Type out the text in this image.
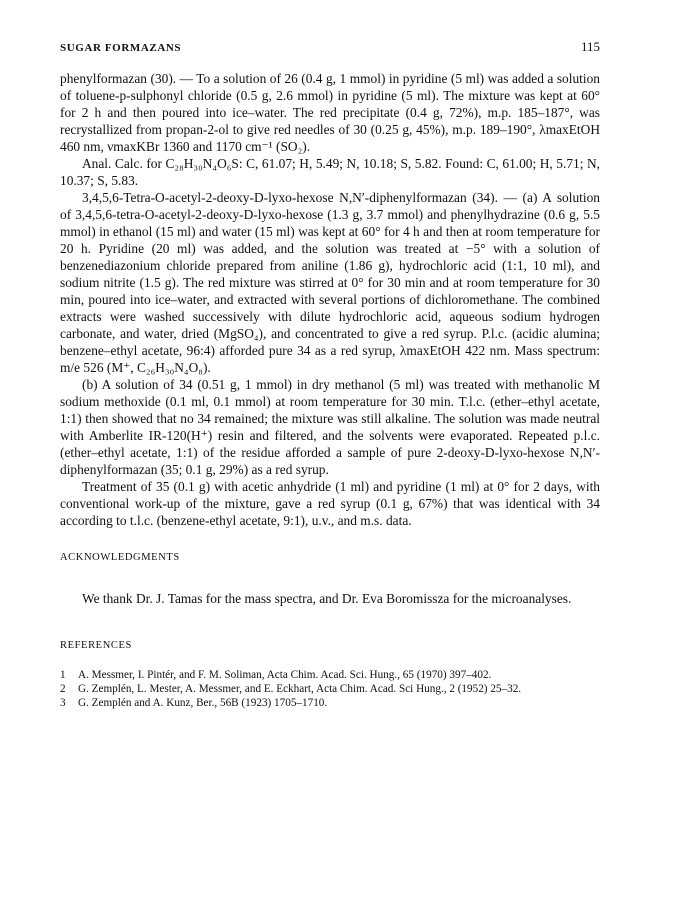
SUGAR FORMAZANS	115

phenylformazan (30). — To a solution of 26 (0.4 g, 1 mmol) in pyridine (5 ml) was added a solution of toluene-p-sulphonyl chloride (0.5 g, 2.6 mmol) in pyridine (5 ml). The mixture was kept at 60° for 2 h and then poured into ice–water. The red precipitate (0.4 g, 72%), m.p. 185–187°, was recrystallized from propan-2-ol to give red needles of 30 (0.25 g, 45%), m.p. 189–190°, λmaxEtOH 460 nm, νmaxKBr 1360 and 1170 cm⁻¹ (SO₂).

Anal. Calc. for C₂₈H₃₀N₄O₆S: C, 61.07; H, 5.49; N, 10.18; S, 5.82. Found: C, 61.00; H, 5.71; N, 10.37; S, 5.83.

3,4,5,6-Tetra-O-acetyl-2-deoxy-D-lyxo-hexose N,N′-diphenylformazan (34). — (a) A solution of 3,4,5,6-tetra-O-acetyl-2-deoxy-D-lyxo-hexose (1.3 g, 3.7 mmol) and phenylhydrazine (0.6 g, 5.5 mmol) in ethanol (15 ml) and water (15 ml) was kept at 60° for 4 h and then at room temperature for 20 h. Pyridine (20 ml) was added, and the solution was treated at −5° with a solution of benzenediazonium chloride prepared from aniline (1.86 g), hydrochloric acid (1:1, 10 ml), and sodium nitrite (1.5 g). The red mixture was stirred at 0° for 30 min and at room temperature for 30 min, poured into ice–water, and extracted with several portions of dichloromethane. The combined extracts were washed successively with dilute hydrochloric acid, aqueous sodium hydrogen carbonate, and water, dried (MgSO₄), and concentrated to give a red syrup. P.l.c. (acidic alumina; benzene–ethyl acetate, 96:4) afforded pure 34 as a red syrup, λmaxEtOH 422 nm. Mass spectrum: m/e 526 (M⁺, C₂₆H₃₀N₄O₈).

(b) A solution of 34 (0.51 g, 1 mmol) in dry methanol (5 ml) was treated with methanolic M sodium methoxide (0.1 ml, 0.1 mmol) at room temperature for 30 min. T.l.c. (ether–ethyl acetate, 1:1) then showed that no 34 remained; the mixture was still alkaline. The solution was made neutral with Amberlite IR-120(H⁺) resin and filtered, and the solvents were evaporated. Repeated p.l.c. (ether–ethyl acetate, 1:1) of the residue afforded a sample of pure 2-deoxy-D-lyxo-hexose N,N′-diphenylformazan (35; 0.1 g, 29%) as a red syrup.

Treatment of 35 (0.1 g) with acetic anhydride (1 ml) and pyridine (1 ml) at 0° for 2 days, with conventional work-up of the mixture, gave a red syrup (0.1 g, 67%) that was identical with 34 according to t.l.c. (benzene-ethyl acetate, 9:1), u.v., and m.s. data.

ACKNOWLEDGMENTS

We thank Dr. J. Tamas for the mass spectra, and Dr. Eva Boromissza for the microanalyses.

REFERENCES
1	A. Messmer, I. Pintér, and F. M. Soliman, Acta Chim. Acad. Sci. Hung., 65 (1970) 397–402.
2	G. Zemplén, L. Mester, A. Messmer, and E. Eckhart, Acta Chim. Acad. Sci Hung., 2 (1952) 25–32.
3	G. Zemplén and A. Kunz, Ber., 56B (1923) 1705–1710.
